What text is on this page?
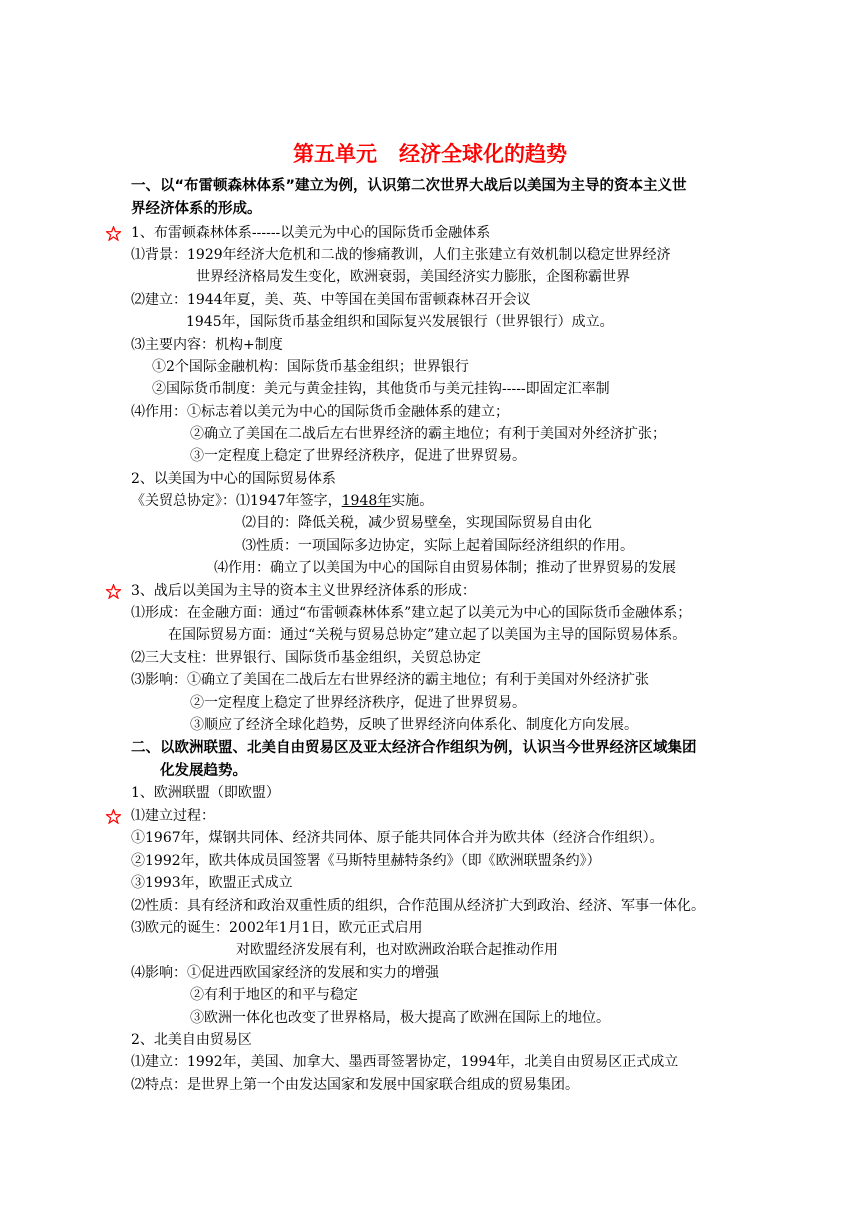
第五单元   经济全球化的趋势
一、以“布雷顿森林体系”建立为例，认识第二次世界大战后以美国为主导的资本主义世
界经济体系的形成。
1、布雷顿森林体系------以美元为中心的国际货币金融体系
⑴背景：1929年经济大危机和二战的惨痛教训，人们主张建立有效机制以稳定世界经济
世界经济格局发生变化，欧洲衰弱，美国经济实力膨胀，企图称霸世界
⑵建立：1944年夏，美、英、中等国在美国布雷顿森林召开会议
1945年，国际货币基金组织和国际复兴发展银行（世界银行）成立。
⑶主要内容：机构+制度
①2个国际金融机构：国际货币基金组织；世界银行
②国际货币制度：美元与黄金挂钩，其他货币与美元挂钩-----即固定汇率制
⑷作用：①标志着以美元为中心的国际货币金融体系的建立；
②确立了美国在二战后左右世界经济的霸主地位；有利于美国对外经济扩张；
③一定程度上稳定了世界经济秩序，促进了世界贸易。
2、以美国为中心的国际贸易体系
《关贸总协定》：⑴1947年签字，1948年实施。
⑵目的：降低关税，减少贸易壁垒，实现国际贸易自由化
⑶性质：一项国际多边协定，实际上起着国际经济组织的作用。
⑷作用：确立了以美国为中心的国际自由贸易体制；推动了世界贸易的发展
3、战后以美国为主导的资本主义世界经济体系的形成：
⑴形成：在金融方面：通过“布雷顿森林体系”建立起了以美元为中心的国际货币金融体系；
在国际贸易方面：通过“关税与贸易总协定”建立起了以美国为主导的国际贸易体系。
⑵三大支柱：世界银行、国际货币基金组织，关贸总协定
⑶影响：①确立了美国在二战后左右世界经济的霸主地位；有利于美国对外经济扩张
②一定程度上稳定了世界经济秩序，促进了世界贸易。
③顺应了经济全球化趋势，反映了世界经济向体系化、制度化方向发展。
二、以欧洲联盟、北美自由贸易区及亚太经济合作组织为例，认识当今世界经济区域集团
化发展趋势。
1、欧洲联盟（即欧盟）
⑴建立过程：
①1967年，煤钢共同体、经济共同体、原子能共同体合并为欧共体（经济合作组织）。
②1992年，欧共体成员国签署《马斯特里赫特条约》（即《欧洲联盟条约》）
③1993年，欧盟正式成立
⑵性质：具有经济和政治双重性质的组织，合作范围从经济扩大到政治、经济、军事一体化。
⑶欧元的诞生：2002年1月1日，欧元正式启用
对欧盟经济发展有利，也对欧洲政治联合起推动作用
⑷影响：①促进西欧国家经济的发展和实力的增强
②有利于地区的和平与稳定
③欧洲一体化也改变了世界格局，极大提高了欧洲在国际上的地位。
2、北美自由贸易区
⑴建立：1992年，美国、加拿大、墨西哥签署协定，1994年，北美自由贸易区正式成立
⑵特点：是世界上第一个由发达国家和发展中国家联合组成的贸易集团。
